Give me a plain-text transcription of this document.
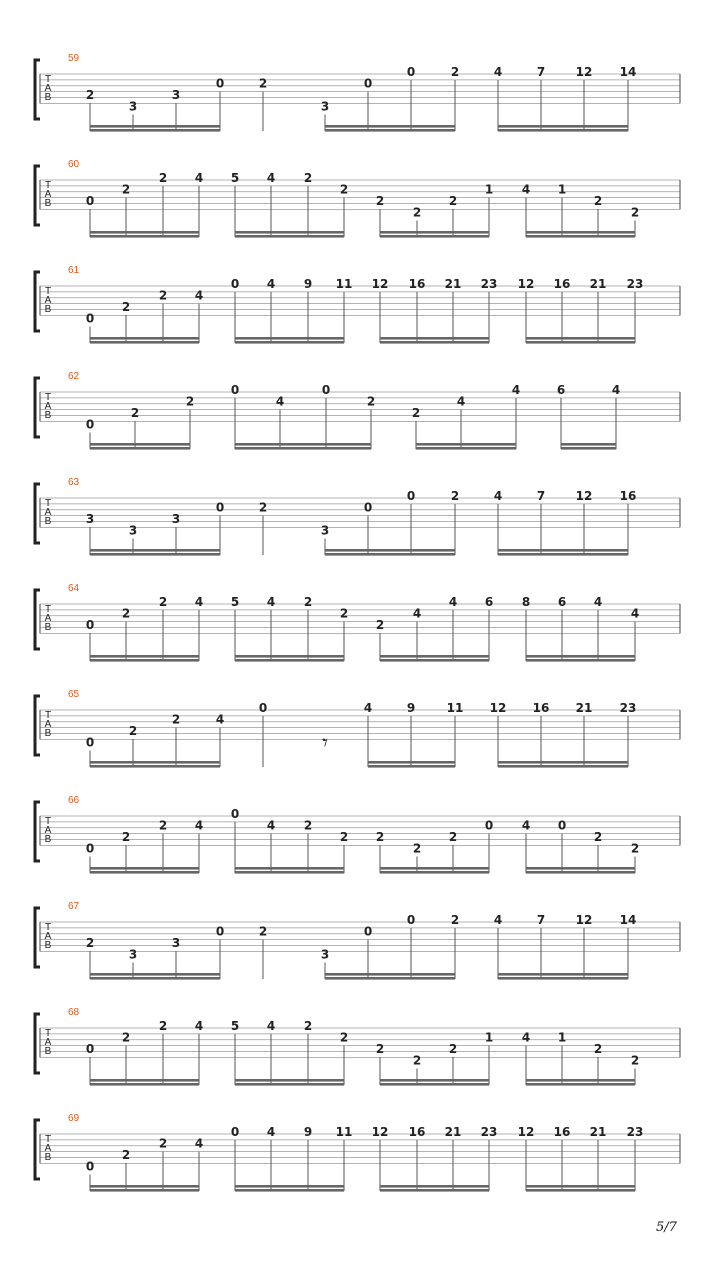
T
A
B
59
2
3
3
0	2
3
0
0	2	4	7	12 14
T
A
B
60
0
2
2 4 5 4 2
2
2
2
2
1 4 1
2
2
T
A
B
61
0
2
2 4
0 4 9 11 12 16 21 23 12 16 21 23
T
A
B
62
0
2
2
0
4
0
2
2
4
4	6	4
T
A
B
63
3
3
3
0	2
3
0
0	2	4	7	12 16
T
A
B
64
0
2
2 4 5 4 2
2
2
4
4 6 8 6 4
4
T
A
B
65
0
2
2	4
0	4	9	11 12 16 21 23
𝄾
T
A
B
66
0
2
2 4
0
4 2
2 2
2
2
0 4 0
2
2
T
A
B
67
2
3
3
0	2
3
0
0	2	4	7	12 14
T
A
B
68
0
2
2 4 5 4 2
2
2
2
2
1 4 1
2
2
T
A
B
69
0
2
2 4
0 4 9 11 12 16 21 23 12 16 21 23
5/7
